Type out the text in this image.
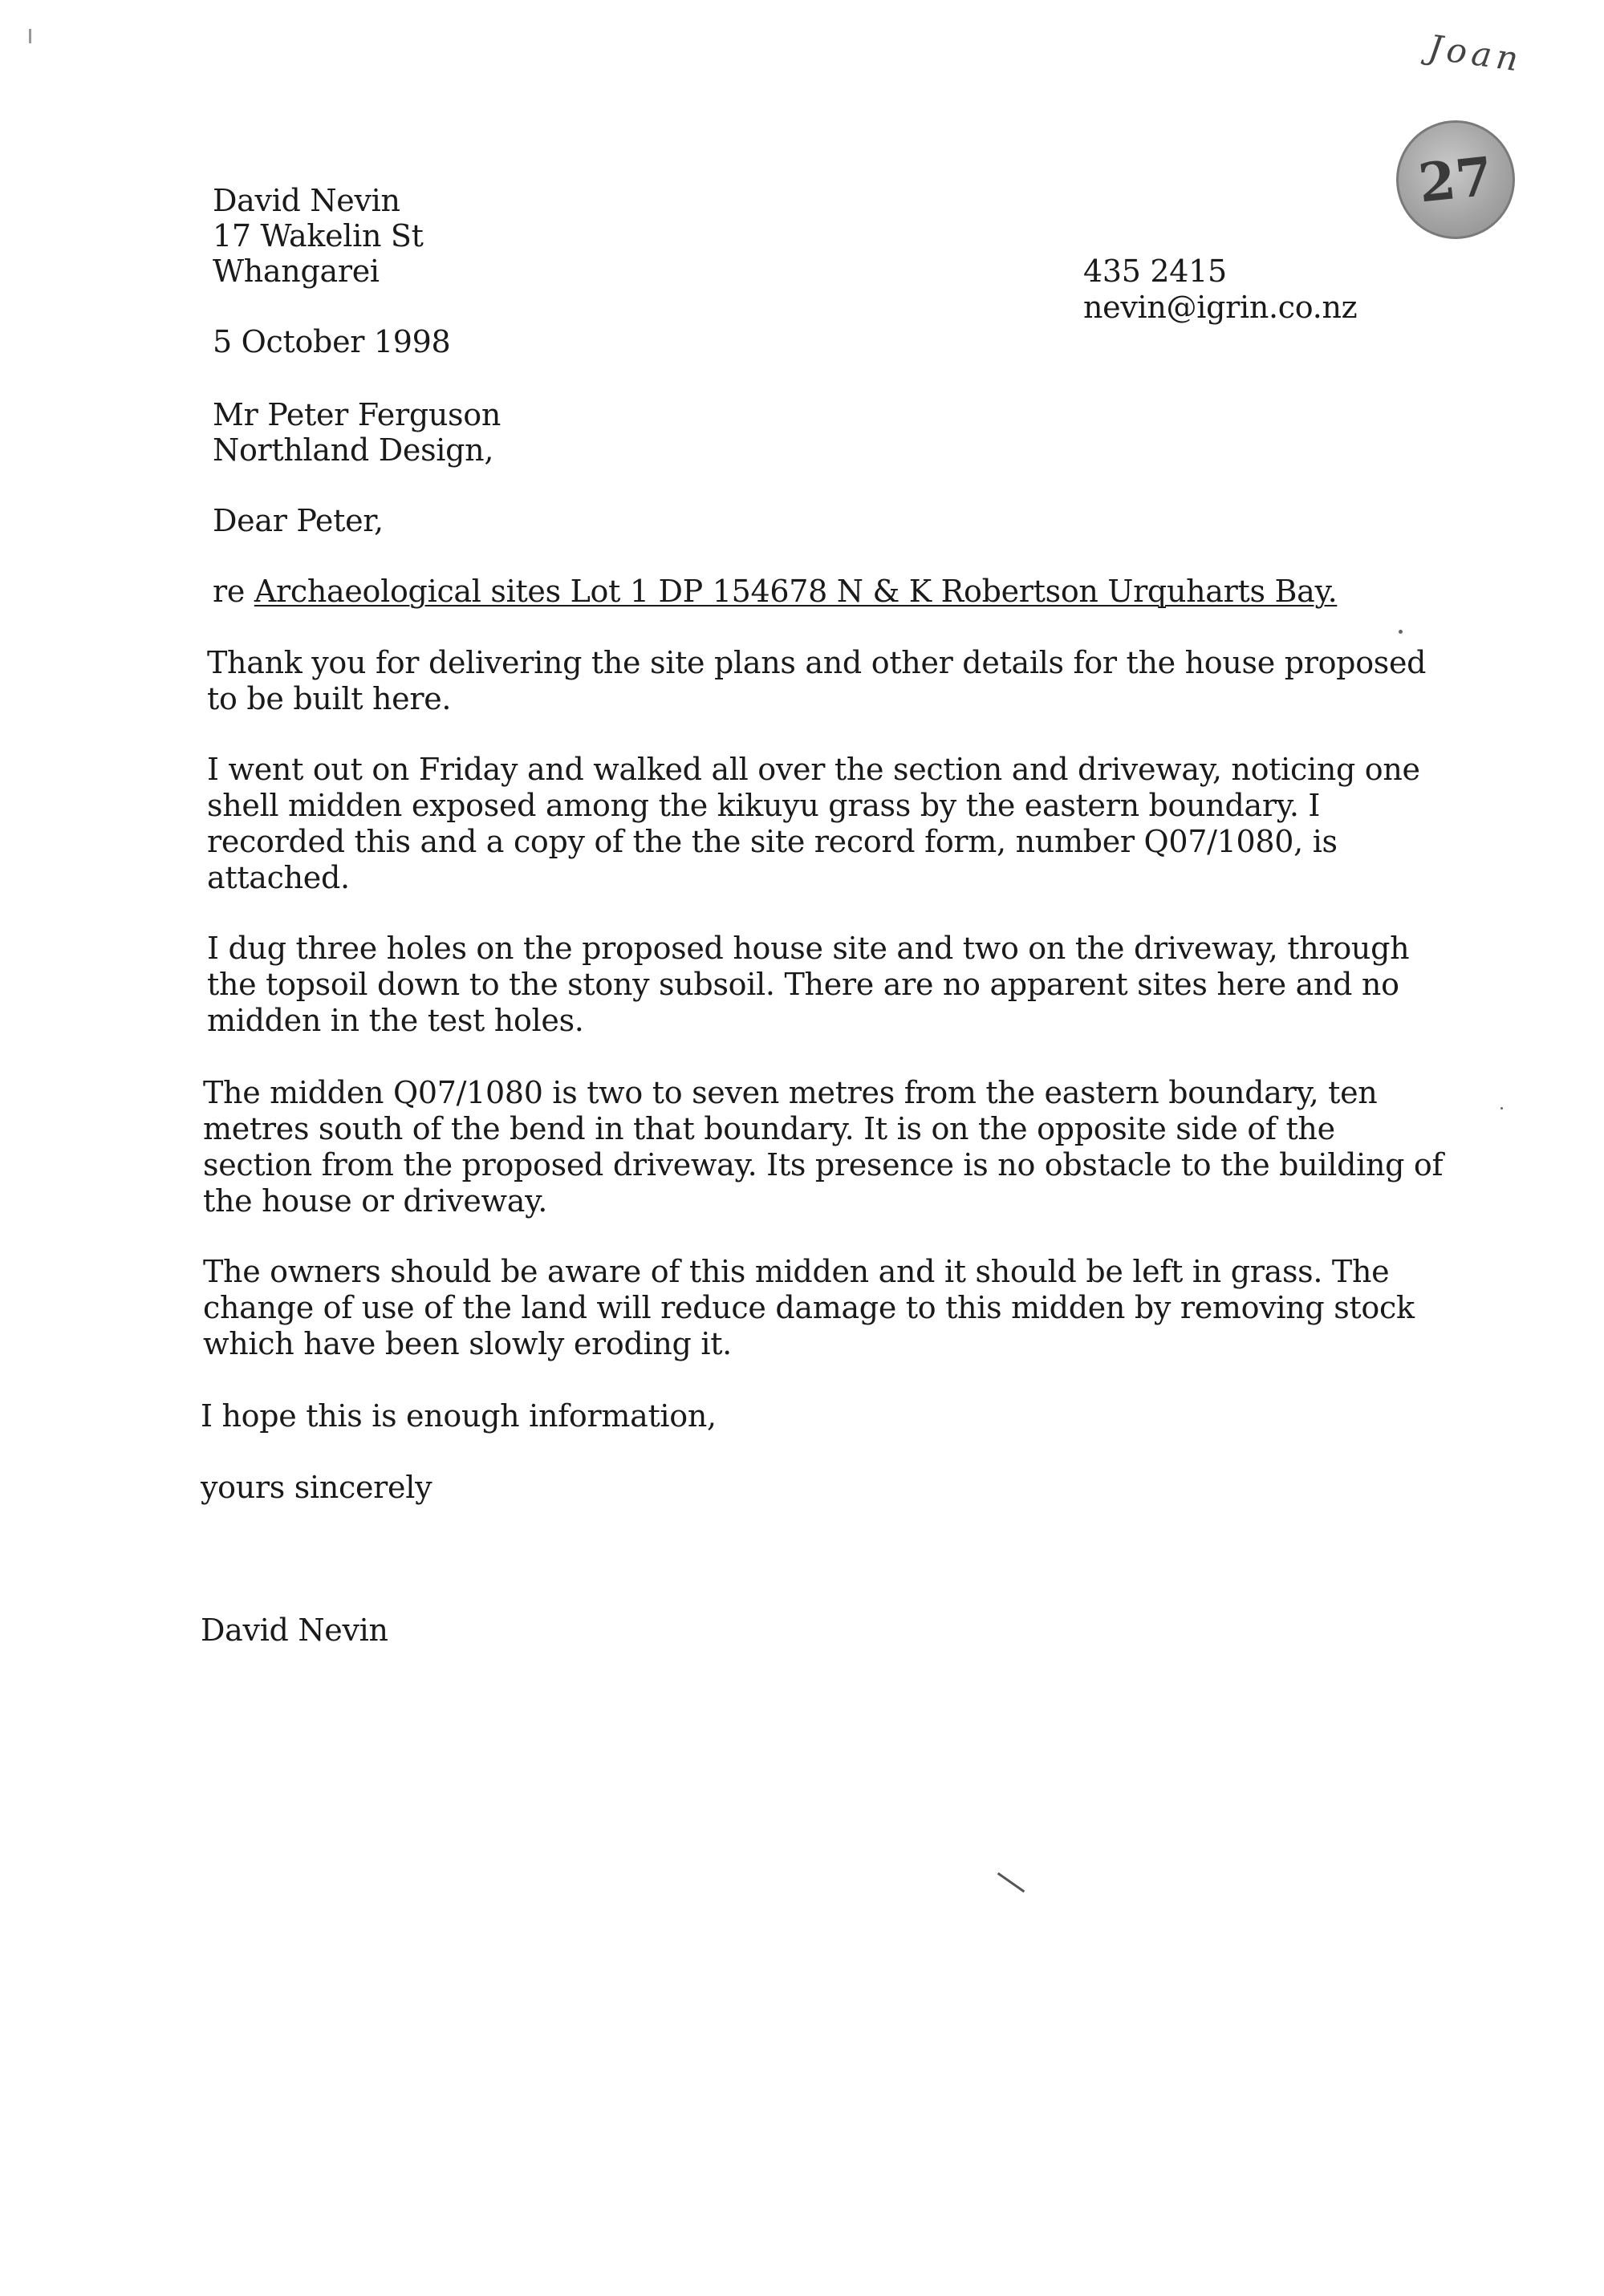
Joan
27
David Nevin
17 Wakelin St
Whangarei	435 2415
nevin@igrin.co.nz
5 October 1998
Mr Peter Ferguson
Northland Design,
Dear Peter,
re Archaeological sites Lot 1 DP 154678 N & K Robertson Urquharts Bay.
Thank you for delivering the site plans and other details for the house proposed
to be built here.
I went out on Friday and walked all over the section and driveway, noticing one
shell midden exposed among the kikuyu grass by the eastern boundary. I
recorded this and a copy of the the site record form, number Q07/1080, is
attached.
I dug three holes on the proposed house site and two on the driveway, through
the topsoil down to the stony subsoil. There are no apparent sites here and no
midden in the test holes.
The midden Q07/1080 is two to seven metres from the eastern boundary, ten
metres south of the bend in that boundary. It is on the opposite side of the
section from the proposed driveway. Its presence is no obstacle to the building of
the house or driveway.
The owners should be aware of this midden and it should be left in grass. The
change of use of the land will reduce damage to this midden by removing stock
which have been slowly eroding it.
I hope this is enough information,
yours sincerely
David Nevin
